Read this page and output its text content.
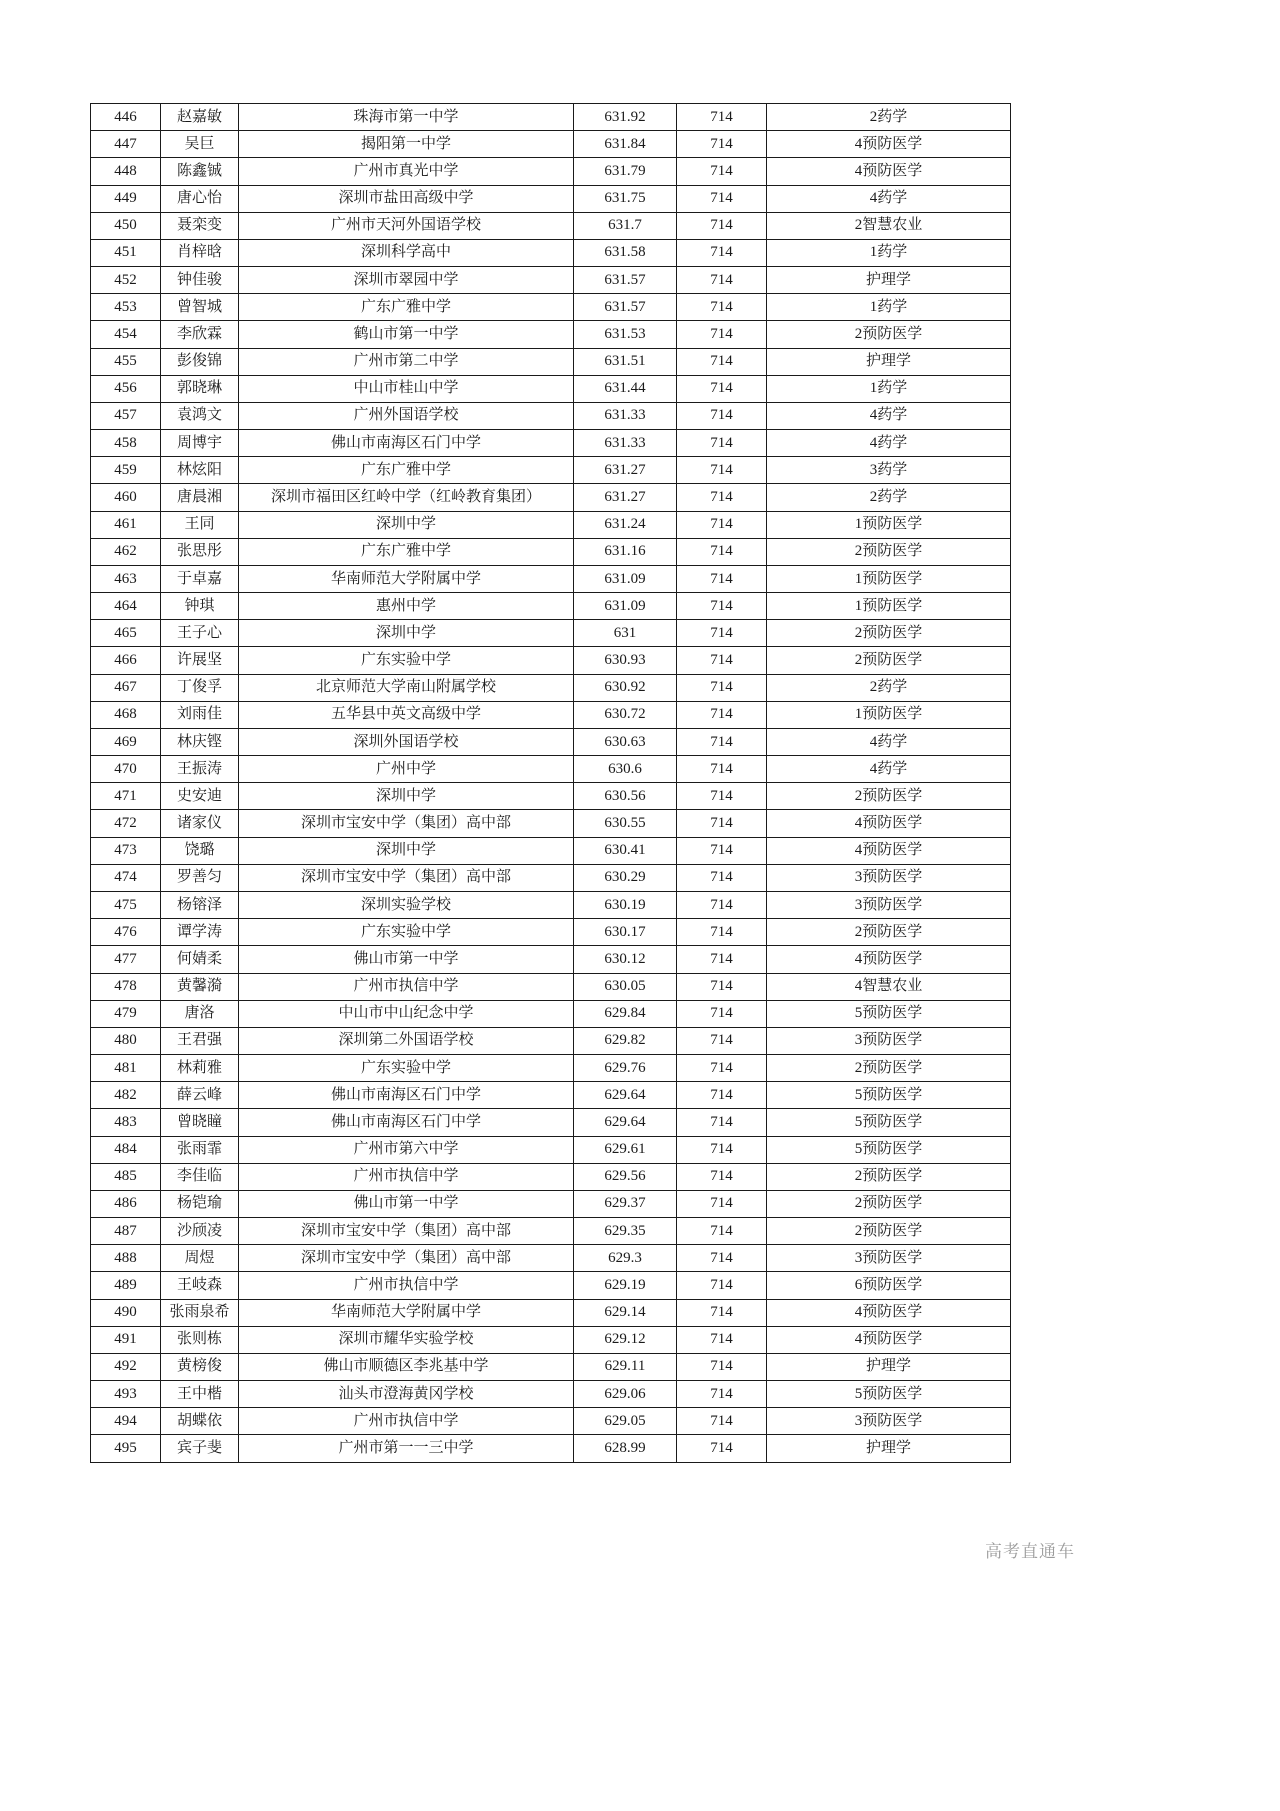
446	赵嘉敏	珠海市第一中学	631.92	714	2药学
447	吴巨	揭阳第一中学	631.84	714	4预防医学
448	陈鑫铖	广州市真光中学	631.79	714	4预防医学
449	唐心怡	深圳市盐田高级中学	631.75	714	4药学
450	聂栾变	广州市天河外国语学校	631.7	714	2智慧农业
451	肖梓晗	深圳科学高中	631.58	714	1药学
452	钟佳骏	深圳市翠园中学	631.57	714	护理学
453	曾智城	广东广雅中学	631.57	714	1药学
454	李欣霖	鹤山市第一中学	631.53	714	2预防医学
455	彭俊锦	广州市第二中学	631.51	714	护理学
456	郭晓琳	中山市桂山中学	631.44	714	1药学
457	袁鸿文	广州外国语学校	631.33	714	4药学
458	周博宇	佛山市南海区石门中学	631.33	714	4药学
459	林炫阳	广东广雅中学	631.27	714	3药学
460	唐晨湘	深圳市福田区红岭中学（红岭教育集团）	631.27	714	2药学
461	王同	深圳中学	631.24	714	1预防医学
462	张思彤	广东广雅中学	631.16	714	2预防医学
463	于卓嘉	华南师范大学附属中学	631.09	714	1预防医学
464	钟琪	惠州中学	631.09	714	1预防医学
465	王子心	深圳中学	631	714	2预防医学
466	许展坚	广东实验中学	630.93	714	2预防医学
467	丁俊孚	北京师范大学南山附属学校	630.92	714	2药学
468	刘雨佳	五华县中英文高级中学	630.72	714	1预防医学
469	林庆铿	深圳外国语学校	630.63	714	4药学
470	王振涛	广州中学	630.6	714	4药学
471	史安迪	深圳中学	630.56	714	2预防医学
472	诸家仪	深圳市宝安中学（集团）高中部	630.55	714	4预防医学
473	饶璐	深圳中学	630.41	714	4预防医学
474	罗善匀	深圳市宝安中学（集团）高中部	630.29	714	3预防医学
475	杨镕泽	深圳实验学校	630.19	714	3预防医学
476	谭学涛	广东实验中学	630.17	714	2预防医学
477	何婧柔	佛山市第一中学	630.12	714	4预防医学
478	黄馨漪	广州市执信中学	630.05	714	4智慧农业
479	唐洛	中山市中山纪念中学	629.84	714	5预防医学
480	王君强	深圳第二外国语学校	629.82	714	3预防医学
481	林莉雅	广东实验中学	629.76	714	2预防医学
482	薛云峰	佛山市南海区石门中学	629.64	714	5预防医学
483	曾晓瞳	佛山市南海区石门中学	629.64	714	5预防医学
484	张雨霏	广州市第六中学	629.61	714	5预防医学
485	李佳临	广州市执信中学	629.56	714	2预防医学
486	杨铠瑜	佛山市第一中学	629.37	714	2预防医学
487	沙颀凌	深圳市宝安中学（集团）高中部	629.35	714	2预防医学
488	周煜	深圳市宝安中学（集团）高中部	629.3	714	3预防医学
489	王岐森	广州市执信中学	629.19	714	6预防医学
490	张雨泉希	华南师范大学附属中学	629.14	714	4预防医学
491	张则栋	深圳市耀华实验学校	629.12	714	4预防医学
492	黄榜俊	佛山市顺德区李兆基中学	629.11	714	护理学
493	王中楷	汕头市澄海黄冈学校	629.06	714	5预防医学
494	胡蝶依	广州市执信中学	629.05	714	3预防医学
495	宾子斐	广州市第一一三中学	628.99	714	护理学
高考直通车
